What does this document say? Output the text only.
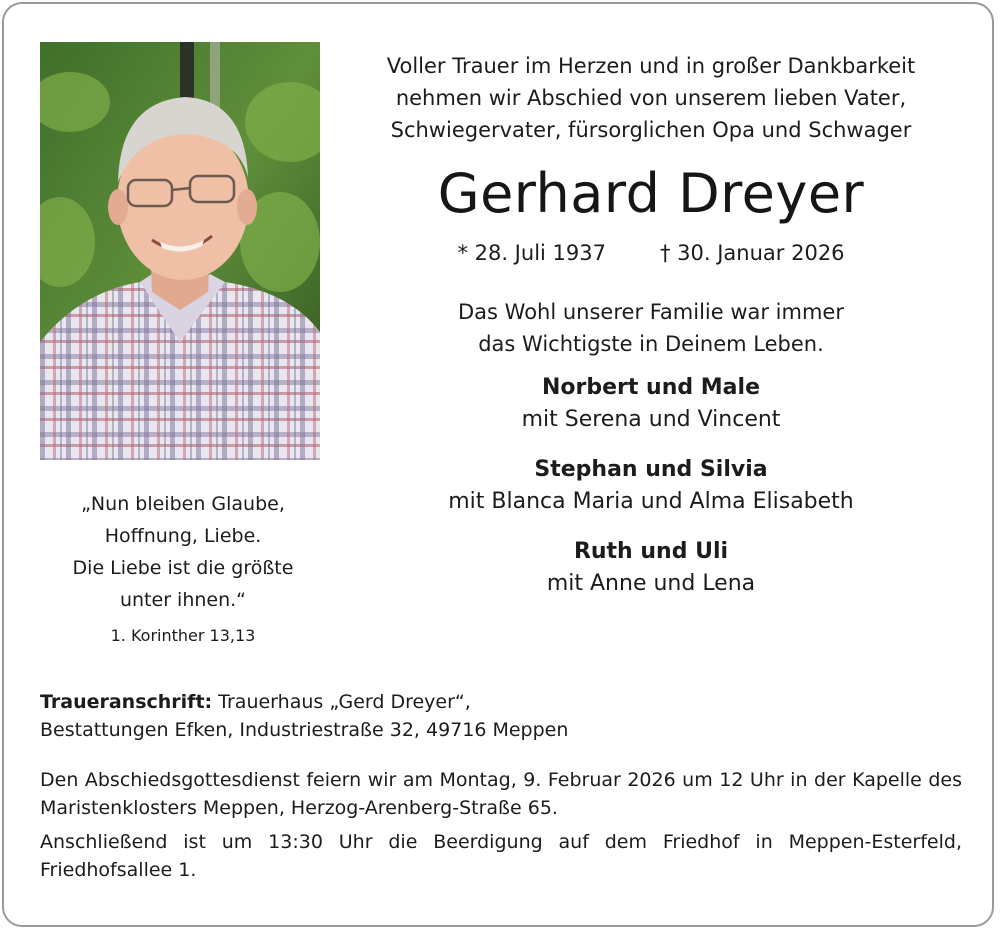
„Nun bleiben Glaube,
Hoffnung, Liebe.
Die Liebe ist die größte
unter ihnen.“
1. Korinther 13,13
Voller Trauer im Herzen und in großer Dankbarkeit
nehmen wir Abschied von unserem lieben Vater,
Schwiegervater, fürsorglichen Opa und Schwager
Gerhard Dreyer
* 28. Juli 1937	† 30. Januar 2026
Das Wohl unserer Familie war immer
das Wichtigste in Deinem Leben.
Norbert und Male
mit Serena und Vincent
Stephan und Silvia
mit Blanca Maria und Alma Elisabeth
Ruth und Uli
mit Anne und Lena

Traueranschrift: Trauerhaus „Gerd Dreyer“,

Bestattungen Efken, Industriestraße 32, 49716 Meppen

Den Abschiedsgottesdienst feiern wir am Montag, 9. Februar 2026 um 12 Uhr in der Kapelle des Maristenklosters Meppen, Herzog-Arenberg-Straße 65.

Anschließend ist um 13:30 Uhr die Beerdigung auf dem Friedhof in Meppen-Esterfeld, Friedhofsallee 1.
